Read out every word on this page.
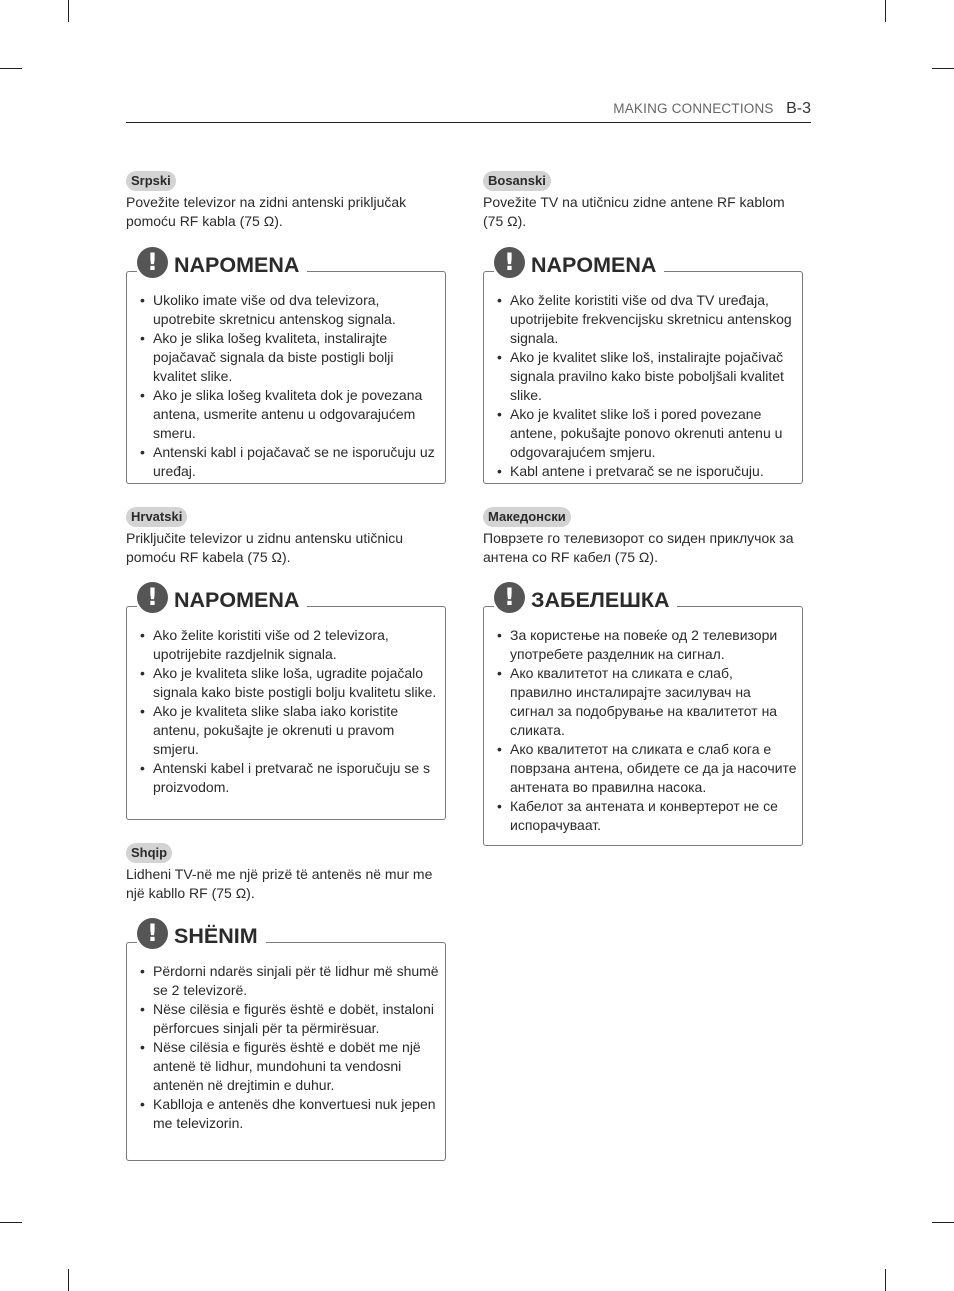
MAKING CONNECTIONS B-3
Srpski

Povežite televizor na zidni antenski priključak pomoću RF kabla (75 Ω).

! NAPOMENA
• Ukoliko imate više od dva televizora, upotrebite skretnicu antenskog signala.
• Ako je slika lošeg kvaliteta, instalirajte pojačavač signala da biste postigli bolji kvalitet slike.
• Ako je slika lošeg kvaliteta dok je povezana antena, usmerite antenu u odgovarajućem smeru.
• Antenski kabl i pojačavač se ne isporučuju uz uređaj.
Hrvatski

Priključite televizor u zidnu antensku utičnicu pomoću RF kabela (75 Ω).

! NAPOMENA
• Ako želite koristiti više od 2 televizora, upotrijebite razdjelnik signala.
• Ako je kvaliteta slike loša, ugradite pojačalo signala kako biste postigli bolju kvalitetu slike.
• Ako je kvaliteta slike slaba iako koristite antenu, pokušajte je okrenuti u pravom smjeru.
• Antenski kabel i pretvarač ne isporučuju se s proizvodom.
Shqip

Lidheni TV-në me një prizë të antenës në mur me një kabllo RF (75 Ω).

! SHËNIM
• Përdorni ndarës sinjali për të lidhur më shumë se 2 televizorë.
• Nëse cilësia e figurës është e dobët, instaloni përforcues sinjali për ta përmirësuar.
• Nëse cilësia e figurës është e dobët me një antenë të lidhur, mundohuni ta vendosni antenën në drejtimin e duhur.
• Kablloja e antenës dhe konvertuesi nuk jepen me televizorin.
Bosanski

Povežite TV na utičnicu zidne antene RF kablom (75 Ω).

! NAPOMENA
• Ako želite koristiti više od dva TV uređaja, upotrijebite frekvencijsku skretnicu antenskog signala.
• Ako je kvalitet slike loš, instalirajte pojačivač signala pravilno kako biste poboljšali kvalitet slike.
• Ako je kvalitet slike loš i pored povezane antene, pokušajte ponovo okrenuti antenu u odgovarajućem smjeru.
• Kabl antene i pretvarač se ne isporučuju.
Македонски

Поврзете го телевизорот со ѕиден приклучок за антена со RF кабел (75 Ω).

! ЗАБЕЛЕШКА
• За користење на повеќе од 2 телевизори употребете разделник на сигнал.
• Ако квалитетот на сликата е слаб, правилно инсталирајте засилувач на сигнал за подобрување на квалитетот на сликата.
• Ако квалитетот на сликата е слаб кога е поврзана антена, обидете се да ја насочите антената во правилна насока.
• Кабелот за антената и конвертерот не се испорачуваат.
